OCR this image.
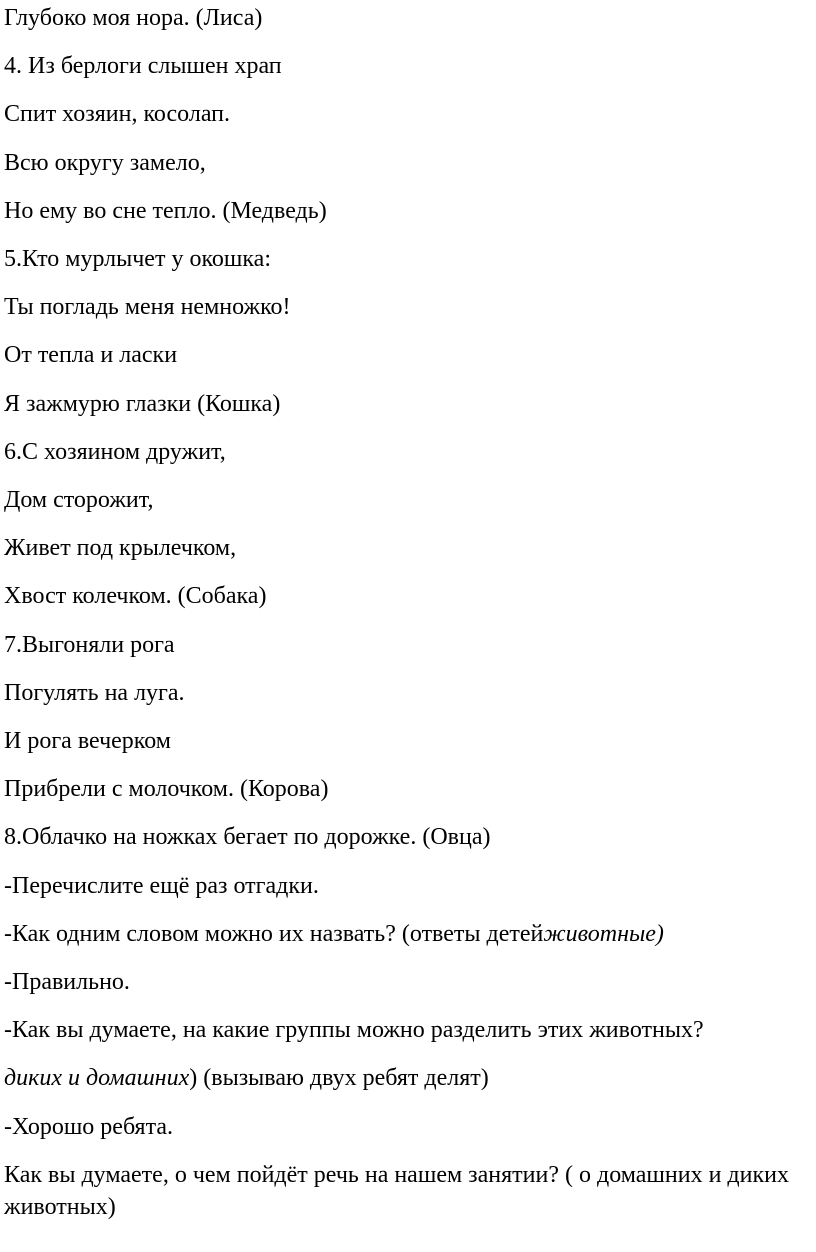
Глубоко моя нора. (Лиса)

4. Из берлоги слышен храп

Спит хозяин, косолап.

Всю округу замело,

Но ему во сне тепло. (Медведь)

5.Кто мурлычет у окошка:

Ты погладь меня немножко!

От тепла и ласки

Я зажмурю глазки (Кошка)

6.С хозяином дружит,

Дом сторожит,

Живет под крылечком,

Хвост колечком. (Собака)

7.Выгоняли рога

Погулять на луга.

И рога вечерком

Прибрели с молочком. (Корова)

8.Облачко на ножках бегает по дорожке. (Овца)

-Перечислите ещё раз отгадки.

-Как одним словом можно их назвать? (ответы детейживотные)

-Правильно.

-Как вы думаете, на какие группы можно разделить этих животных?

диких и домашних) (вызываю двух ребят делят)

-Хорошо ребята.

Как вы думаете, о чем пойдёт речь на нашем занятии? ( о домашних и диких животных)
